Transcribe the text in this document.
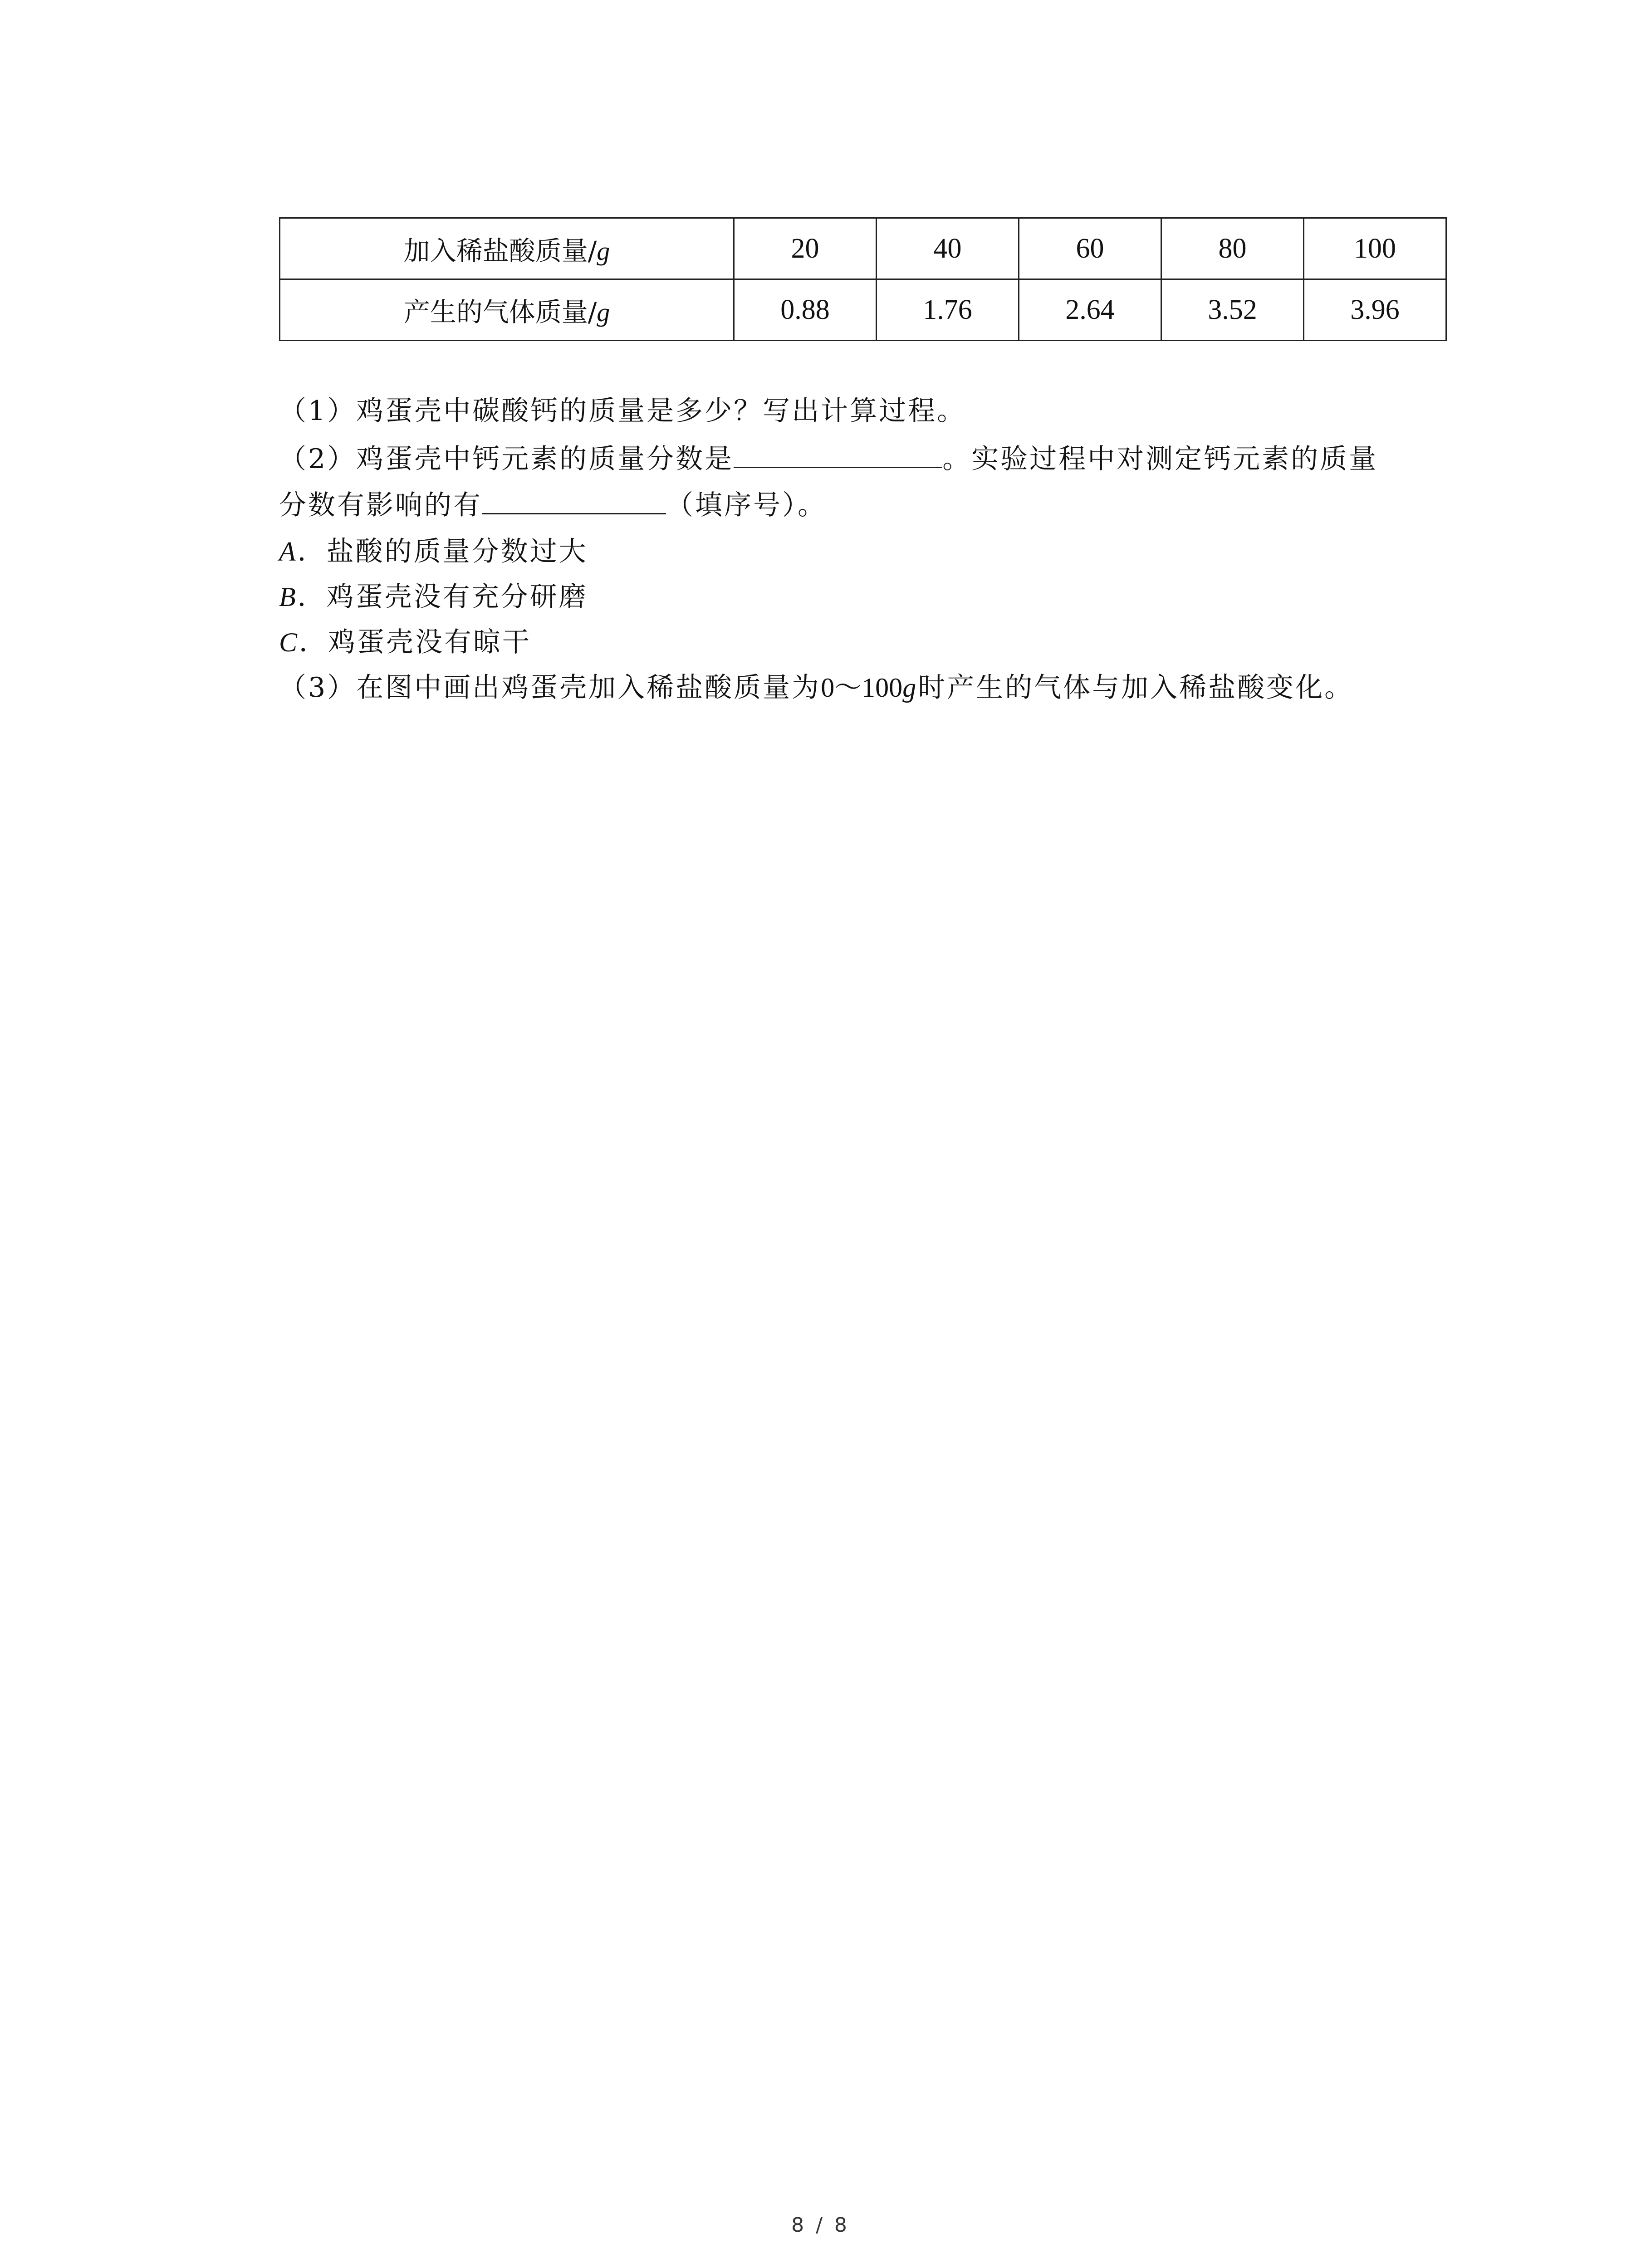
加入稀盐酸质量/g	20	40	60	80	100
产生的气体质量/g	0.88	1.76	2.64	3.52	3.96
（1）鸡蛋壳中碳酸钙的质量是多少？写出计算过程。
（2）鸡蛋壳中钙元素的质量分数是	。实验过程中对测定钙元素的质量
分数有影响的有	（填序号）。
A．盐酸的质量分数过大
B．鸡蛋壳没有充分研磨
C．鸡蛋壳没有晾干
（3）在图中画出鸡蛋壳加入稀盐酸质量为0～100g时产生的气体与加入稀盐酸变化。
8 / 8
